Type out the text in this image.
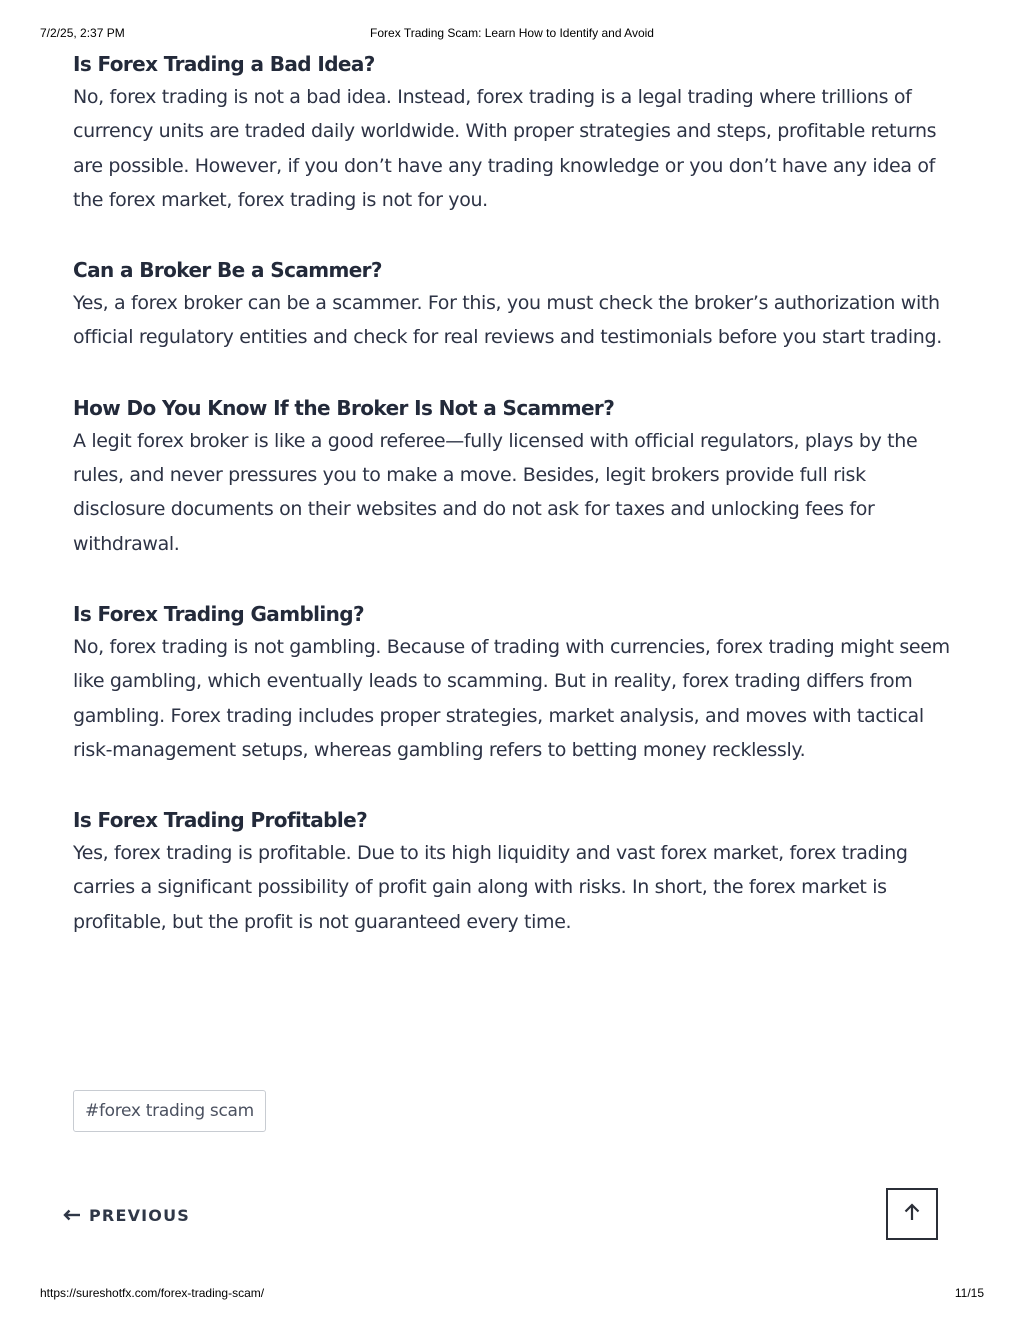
7/2/25, 2:37 PM	Forex Trading Scam: Learn How to Identify and Avoid
Is Forex Trading a Bad Idea?

No, forex trading is not a bad idea. Instead, forex trading is a legal trading where trillions of currency units are traded daily worldwide. With proper strategies and steps, profitable returns are possible. However, if you don’t have any trading knowledge or you don’t have any idea of the forex market, forex trading is not for you.

Can a Broker Be a Scammer?

Yes, a forex broker can be a scammer. For this, you must check the broker’s authorization with official regulatory entities and check for real reviews and testimonials before you start trading.

How Do You Know If the Broker Is Not a Scammer?

A legit forex broker is like a good referee—fully licensed with official regulators, plays by the rules, and never pressures you to make a move. Besides, legit brokers provide full risk disclosure documents on their websites and do not ask for taxes and unlocking fees for withdrawal.

Is Forex Trading Gambling?

No, forex trading is not gambling. Because of trading with currencies, forex trading might seem like gambling, which eventually leads to scamming. But in reality, forex trading differs from gambling. Forex trading includes proper strategies, market analysis, and moves with tactical risk-management setups, whereas gambling refers to betting money recklessly.

Is Forex Trading Profitable?

Yes, forex trading is profitable. Due to its high liquidity and vast forex market, forex trading carries a significant possibility of profit gain along with risks. In short, the forex market is profitable, but the profit is not guaranteed every time.

#forex trading scam
PREVIOUS
https://sureshotfx.com/forex-trading-scam/	11/15
